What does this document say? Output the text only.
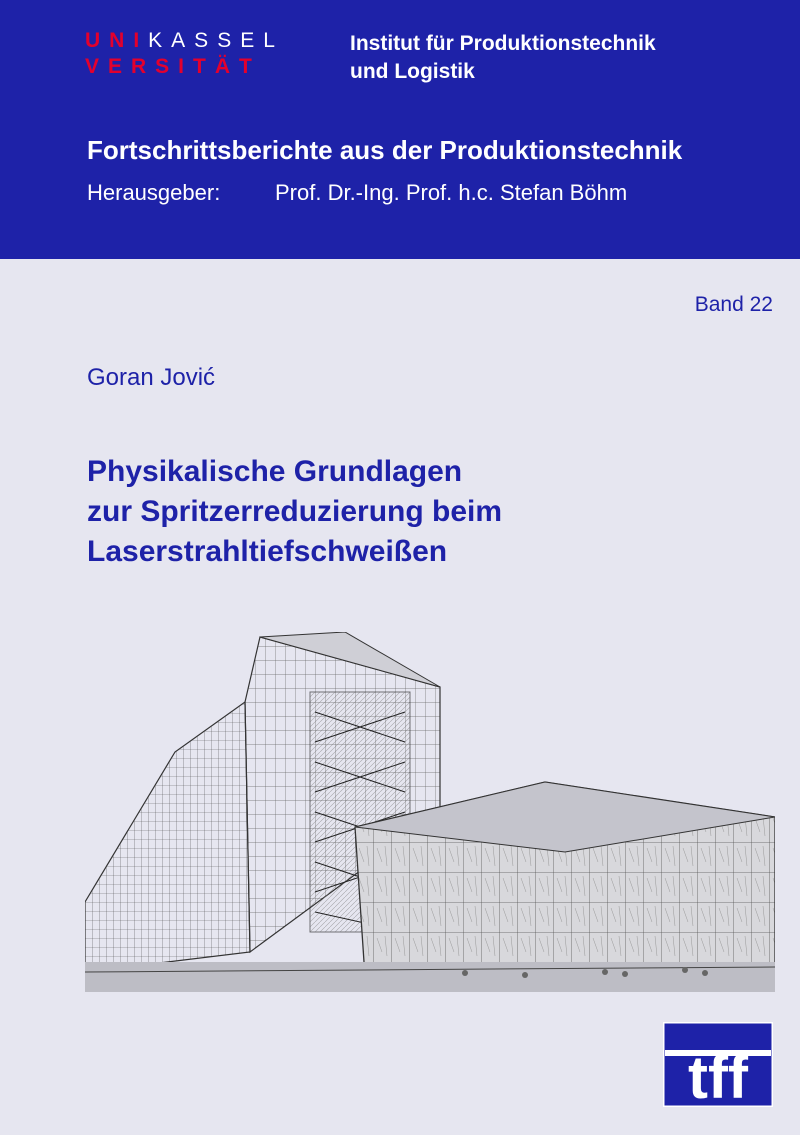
UNIKASSEL
VERSITÄT
Institut für Produktionstechnik
und Logistik
Fortschrittsberichte aus der Produktionstechnik
Herausgeber: Prof. Dr.-Ing. Prof. h.c. Stefan Böhm
Band 22
Goran Jović
Physikalische Grundlagen
zur Spritzerreduzierung beim
Laserstrahltiefschweißen
tff
